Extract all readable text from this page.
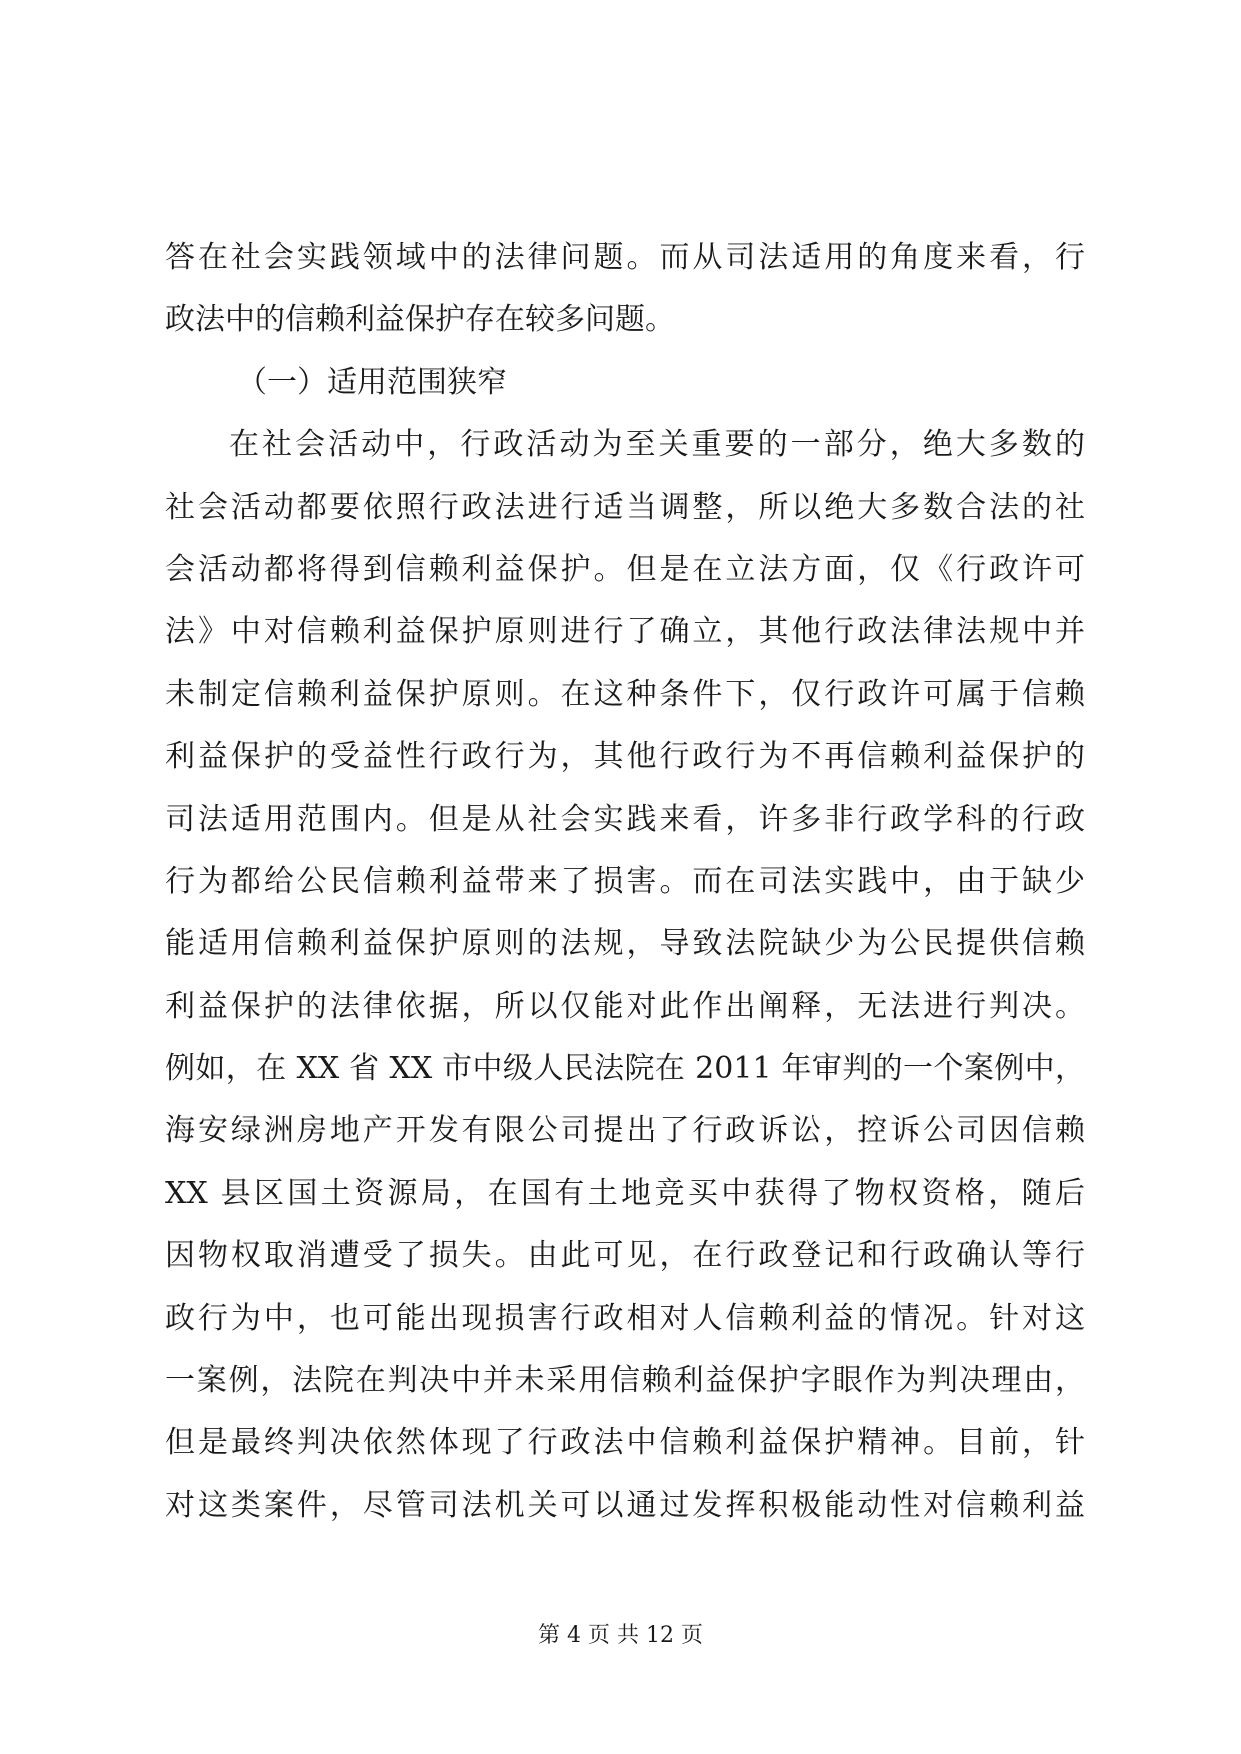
答在社会实践领域中的法律问题。而从司法适用的角度来看，行
政法中的信赖利益保护存在较多问题。
（一）适用范围狭窄
在社会活动中，行政活动为至关重要的一部分，绝大多数的
社会活动都要依照行政法进行适当调整，所以绝大多数合法的社
会活动都将得到信赖利益保护。但是在立法方面，仅《行政许可
法》中对信赖利益保护原则进行了确立，其他行政法律法规中并
未制定信赖利益保护原则。在这种条件下，仅行政许可属于信赖
利益保护的受益性行政行为，其他行政行为不再信赖利益保护的
司法适用范围内。但是从社会实践来看，许多非行政学科的行政
行为都给公民信赖利益带来了损害。而在司法实践中，由于缺少
能适用信赖利益保护原则的法规，导致法院缺少为公民提供信赖
利益保护的法律依据，所以仅能对此作出阐释，无法进行判决。
例如，在 XX 省 XX 市中级人民法院在 2011 年审判的一个案例中，
海安绿洲房地产开发有限公司提出了行政诉讼，控诉公司因信赖
XX 县区国土资源局，在国有土地竞买中获得了物权资格，随后
因物权取消遭受了损失。由此可见，在行政登记和行政确认等行
政行为中，也可能出现损害行政相对人信赖利益的情况。针对这
一案例，法院在判决中并未采用信赖利益保护字眼作为判决理由，
但是最终判决依然体现了行政法中信赖利益保护精神。目前，针
对这类案件，尽管司法机关可以通过发挥积极能动性对信赖利益
第 4 页 共 12 页
